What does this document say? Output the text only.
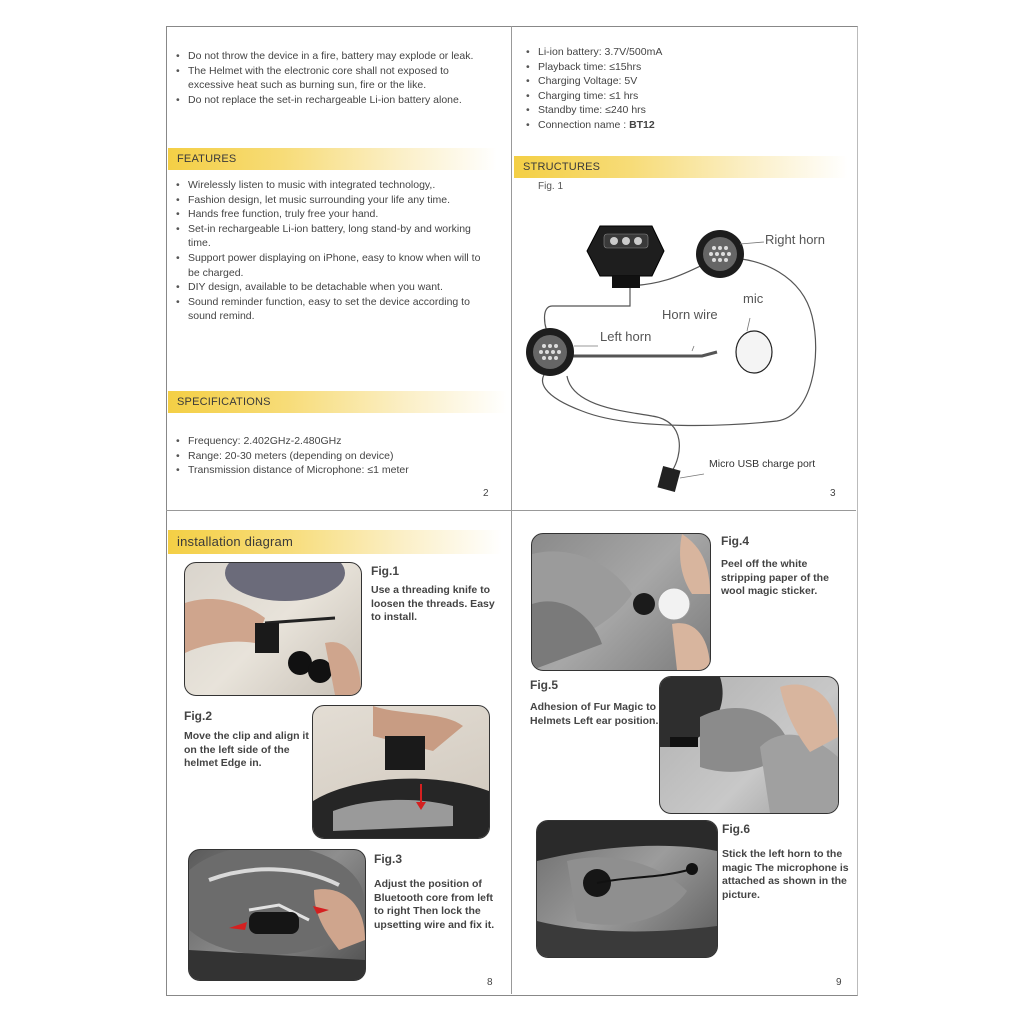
• Do not throw the device in a fire, battery may explode or leak.
• The Helmet with the electronic core shall not exposed to excessive heat such as burning sun, fire or the like.
• Do not replace the set-in rechargeable Li-ion battery alone.
FEATURES
• Wirelessly listen to music with integrated technology,.
• Fashion design, let music surrounding your life any time.
• Hands free function, truly free your hand.
• Set-in rechargeable Li-ion battery, long stand-by and working time.
• Support power displaying on iPhone, easy to know when will to be charged.
• DIY design, available to be detachable when you want.
• Sound reminder function, easy to set the device according to sound remind.
SPECIFICATIONS
• Frequency: 2.402GHz-2.480GHz
• Range: 20-30 meters (depending on device)
• Transmission distance of Microphone: ≤1 meter
2
• Li-ion battery: 3.7V/500mA
• Playback time: ≤15hrs
• Charging Voltage: 5V
• Charging time: ≤1 hrs
• Standby time: ≤240 hrs
• Connection name : BT12
STRUCTURES
Fig. 1
Right horn
mic
Horn wire
Left horn
Micro USB charge port
3
installation diagram
Fig.1
Use a threading knife to loosen the threads. Easy to install.
Fig.2
Move the clip and align it on the left side of the helmet Edge in.
Fig.3
Adjust the position of Bluetooth core from left to right Then lock the upsetting wire and fix it.
8
Fig.4
Peel off the white stripping paper of the wool magic sticker.
Fig.5
Adhesion of Fur Magic to Helmets Left ear position.
Fig.6
Stick the left horn to the magic The microphone is attached as shown in the picture.
9
